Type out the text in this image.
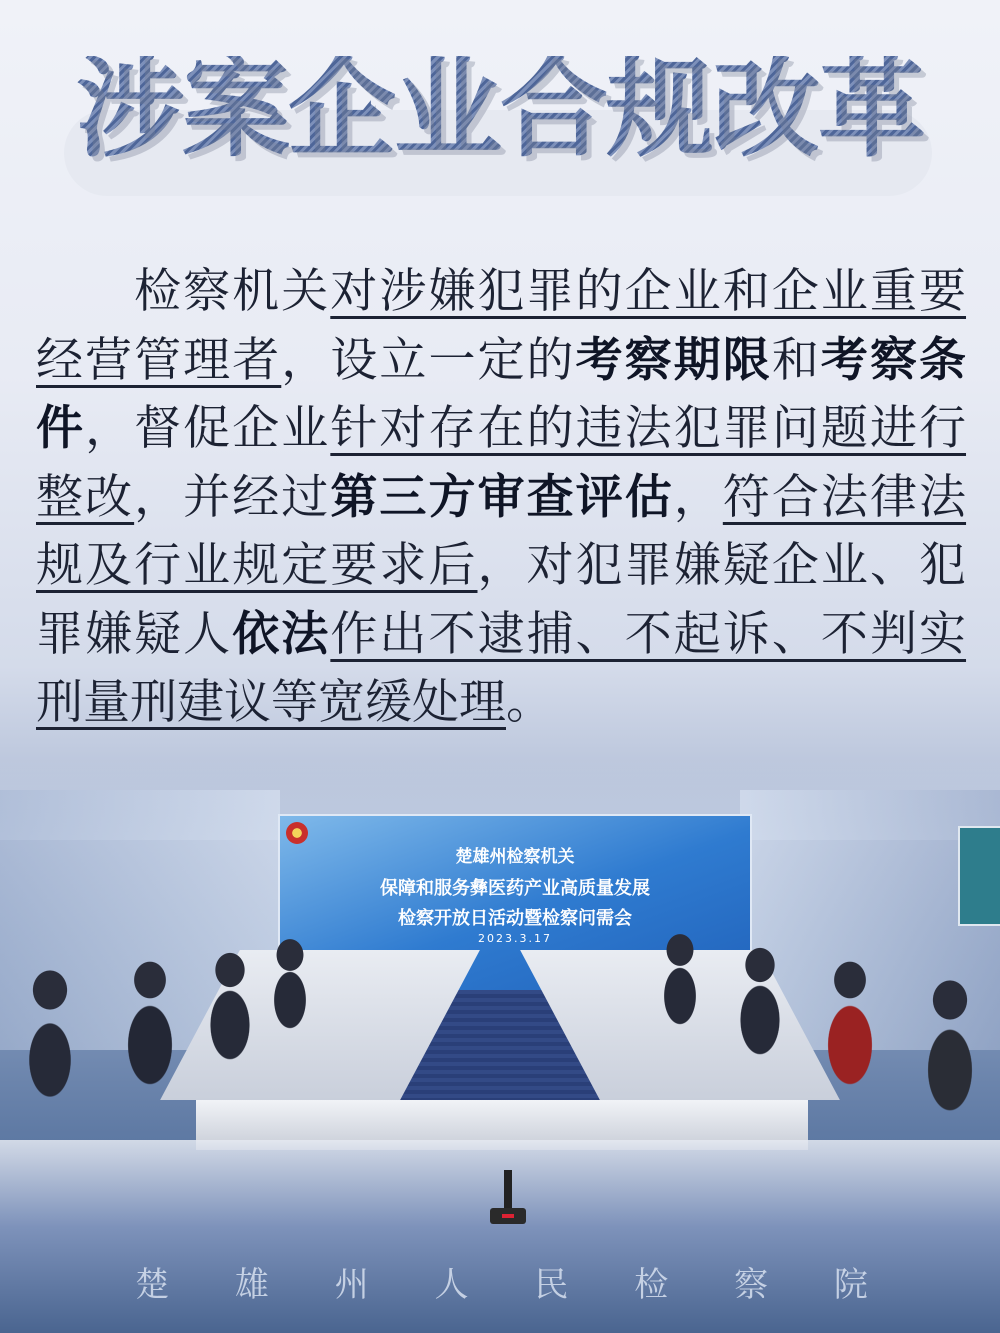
涉案企业合规改革
检察机关对涉嫌犯罪的企业和企业重要经营管理者，设立一定的考察期限和考察条件，督促企业针对存在的违法犯罪问题进行整改，并经过第三方审查评估，符合法律法规及行业规定要求后，对犯罪嫌疑企业、犯罪嫌疑人依法作出不逮捕、不起诉、不判实刑量刑建议等宽缓处理。
楚雄州检察机关
保障和服务彝医药产业高质量发展
检察开放日活动暨检察问需会
2023.3.17
楚 雄 州 人 民 检 察 院
